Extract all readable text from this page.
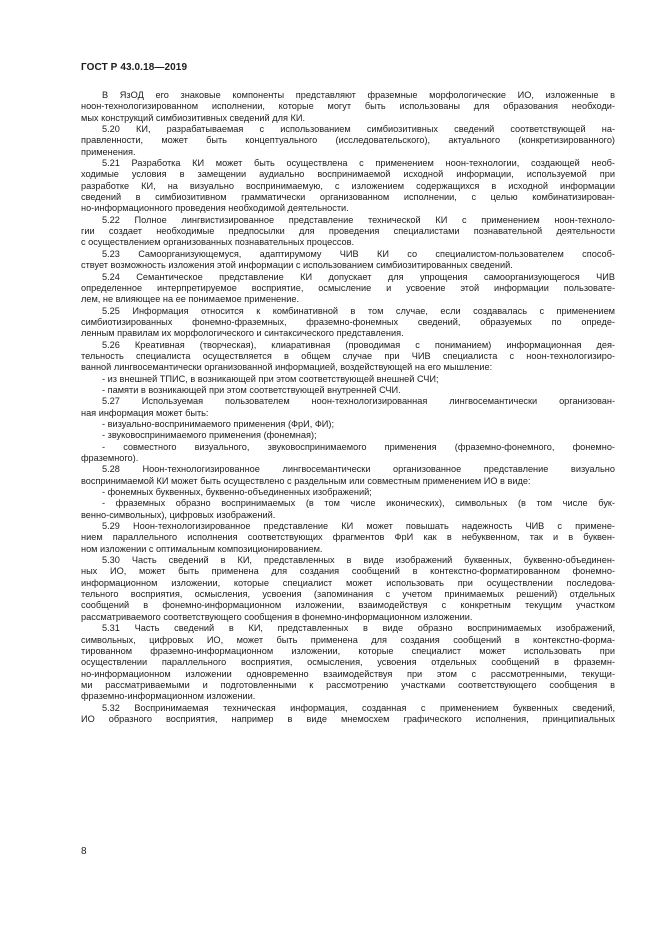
ГОСТ Р 43.0.18—2019
В ЯзОД его знаковые компоненты представляют фраземные морфологические ИО, изложенные в
ноон-технологизированном исполнении, которые могут быть использованы для образования необходи-
мых конструкций симбиозитивных сведений для КИ.
5.20 КИ, разрабатываемая с использованием симбиозитивных сведений соответствующей на-
правленности, может быть концептуального (исследовательского), актуального (конкретизированного)
применения.
5.21 Разработка КИ может быть осуществлена с применением ноон-технологии, создающей необ-
ходимые условия в замещении аудиально воспринимаемой исходной информации, используемой при
разработке КИ, на визуально воспринимаемую, с изложением содержащихся в исходной информации
сведений в симбиозитивном грамматически организованном исполнении, с целью комбинатизирован-
но-информационного проведения необходимой деятельности.
5.22 Полное лингвистизированное представление технической КИ с применением ноон-техноло-
гии создает необходимые предпосылки для проведения специалистами познавательной деятельности
с осуществлением организованных познавательных процессов.
5.23 Самоорганизующемуся, адаптирумому ЧИВ КИ со специалистом-пользователем способ-
ствует возможность изложения этой информации с использованием симбиозитированных сведений.
5.24 Семантическое представление КИ допускает для упрощения самоорганизующегося ЧИВ
определенное интерпретируемое восприятие, осмысление и усвоение этой информации пользовате-
лем, не влияющее на ее понимаемое применение.
5.25 Информация относится к комбинативной в том случае, если создавалась с применением
симбиотизированных фонемно-фраземных, фраземно-фонемных сведений, образуемых по опреде-
ленным правилам их морфологического и синтаксического представления.
5.26 Креативная (творческая), клиаративная (проводимая с пониманием) информационная дея-
тельность специалиста осуществляется в общем случае при ЧИВ специалиста с ноон-технологизиро-
ванной лингвосемантически организованной информацией, воздействующей на его мышление:
- из внешней ТПИС, в возникающей при этом соответствующей внешней СЧИ;
- памяти в возникающей при этом соответствующей внутренней СЧИ.
5.27 Используемая пользователем ноон-технологизированная лингвосемантически организован-
ная информация может быть:
- визуально-воспринимаемого применения (ФрИ, ФИ);
- звуковоспринимаемого применения (фонемная);
- совместного визуального, звуковоспринимаемого применения (фраземно-фонемного, фонемно-
фраземного).
5.28 Ноон-технологизированное лингвосемантически организованное представление визуально
воспринимаемой КИ может быть осуществлено с раздельным или совместным применением ИО в виде:
- фонемных буквенных, буквенно-объединенных изображений;
- фраземных образно воспринимаемых (в том числе иконических), символьных (в том числе бук-
венно-символьных), цифровых изображений.
5.29 Ноон-технологизированное представление КИ может повышать надежность ЧИВ с примене-
нием параллельного исполнения соответствующих фрагментов ФрИ как в небуквенном, так и в буквен-
ном изложении с оптимальным композиционированием.
5.30 Часть сведений в КИ, представленных в виде изображений буквенных, буквенно-объединен-
ных ИО, может быть применена для создания сообщений в контекстно-форматированном фонемно-
информационном изложении, которые специалист может использовать при осуществлении последова-
тельного восприятия, осмысления, усвоения (запоминания с учетом принимаемых решений) отдельных
сообщений в фонемно-информационном изложении, взаимодействуя с конкретным текущим участком
рассматриваемого соответствующего сообщения в фонемно-информационном изложении.
5.31 Часть сведений в КИ, представленных в виде образно воспринимаемых изображений,
символьных, цифровых ИО, может быть применена для создания сообщений в контекстно-форма-
тированном фраземно-информационном изложении, которые специалист может использовать при
осуществлении параллельного восприятия, осмысления, усвоения отдельных сообщений в фраземн-
но-информационном изложении одновременно взаимодействуя при этом с рассмотренными, текущи-
ми рассматриваемыми и подготовленными к рассмотрению участками соответствующего сообщения в
фраземно-информационном изложении.
5.32 Воспринимаемая техническая информация, созданная с применением буквенных сведений,
ИО образного восприятия, например в виде мнемосхем графического исполнения, принципиальных
8
